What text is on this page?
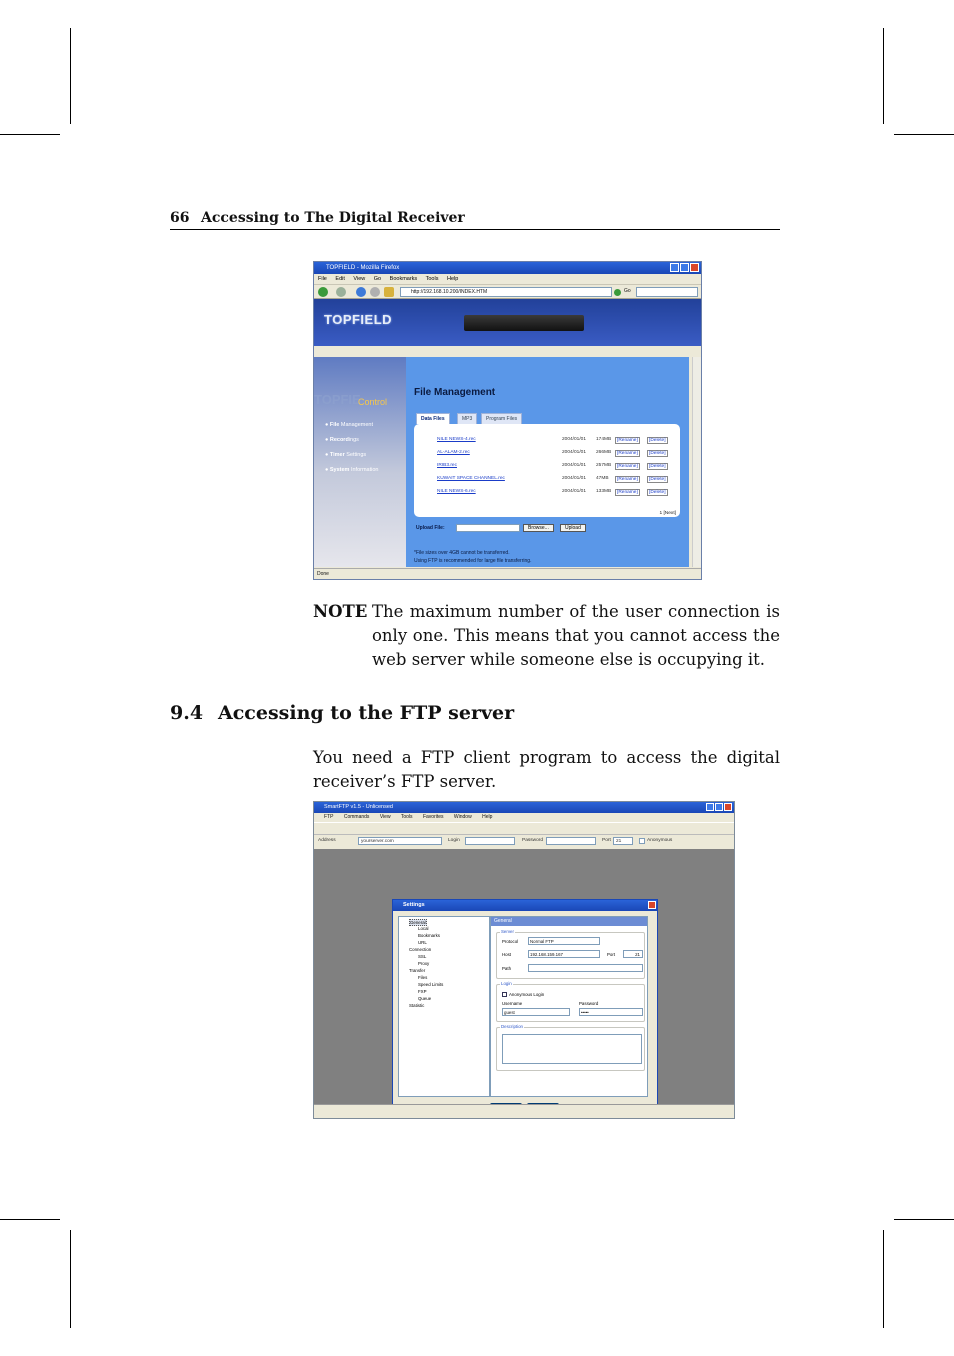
66 Accessing to The Digital Receiver
TOPFIELD - Mozilla Firefox
File Edit View Go Bookmarks Tools Help
http://192.168.10.200/INDEX.HTM	Go
TOPFIELD
TOPFIE
Control
● File Management
● Recordings
● Timer Settings
● System Information
File Management
Data Files	MP3	Program Files
NILE NEWS-4.rec	2004/01/01 174MB	[Rename]	[Delete]
AL-ALAM-2.rec	2004/01/01 266MB	[Rename]	[Delete]
IRIB3.rec	2004/01/01 257MB	[Rename]	[Delete]
KUWAIT SPACE CHANNEL.rec	2004/01/01 47MB	[Rename]	[Delete]
NILE NEWS-6.rec	2004/01/01 133MB	[Rename]	[Delete]
1 [Next]
Upload File:	Browse...	Upload
*File sizes over 4GB cannot be transferred.
Using FTP is recommended for large file transferring.
Done
NOTE The maximum number of the user connection is only one. This means that you cannot access the web server while someone else is occupying it.
9.4 Accessing to the FTP server
You need a FTP client program to access the digital receiver’s FTP server.
SmartFTP v1.5 - Unlicensed
FTP Commands View Tools Favorites Window Help
Address	yourserver.com	Login	Password	Port	21	Anonymous
Settings
General
Local
Bookmarks
URL
Connection
SSL
Proxy
Transfer
Files
Speed Limits
FXP
Queue
Statistic
General
Server
Protocol	Normal FTP
Host	192.168.159.167	Port	21
Path
Login
Anonymous Login
Username
guest
Password
•••••
Description
